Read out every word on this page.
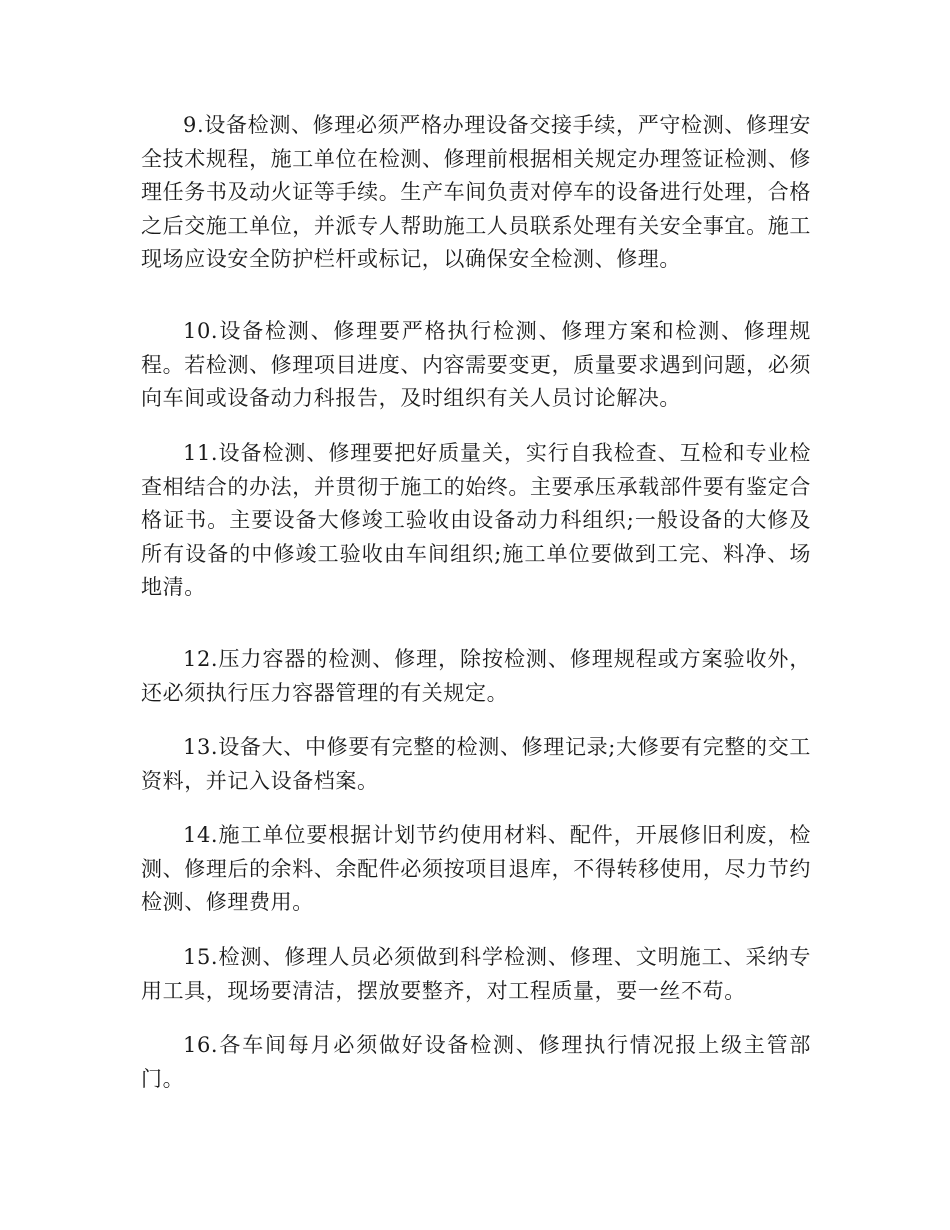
9.设备检测、修理必须严格办理设备交接手续，严守检测、修理安全技术规程，施工单位在检测、修理前根据相关规定办理签证检测、修理任务书及动火证等手续。生产车间负责对停车的设备进行处理，合格之后交施工单位，并派专人帮助施工人员联系处理有关安全事宜。施工现场应设安全防护栏杆或标记，以确保安全检测、修理。

10.设备检测、修理要严格执行检测、修理方案和检测、修理规程。若检测、修理项目进度、内容需要变更，质量要求遇到问题，必须向车间或设备动力科报告，及时组织有关人员讨论解决。

11.设备检测、修理要把好质量关，实行自我检查、互检和专业检查相结合的办法，并贯彻于施工的始终。主要承压承载部件要有鉴定合格证书。主要设备大修竣工验收由设备动力科组织;一般设备的大修及所有设备的中修竣工验收由车间组织;施工单位要做到工完、料净、场地清。

12.压力容器的检测、修理，除按检测、修理规程或方案验收外，还必须执行压力容器管理的有关规定。

13.设备大、中修要有完整的检测、修理记录;大修要有完整的交工资料，并记入设备档案。

14.施工单位要根据计划节约使用材料、配件，开展修旧利废，检测、修理后的余料、余配件必须按项目退库，不得转移使用，尽力节约检测、修理费用。

15.检测、修理人员必须做到科学检测、修理、文明施工、采纳专用工具，现场要清洁，摆放要整齐，对工程质量，要一丝不苟。

16.各车间每月必须做好设备检测、修理执行情况报上级主管部门。
